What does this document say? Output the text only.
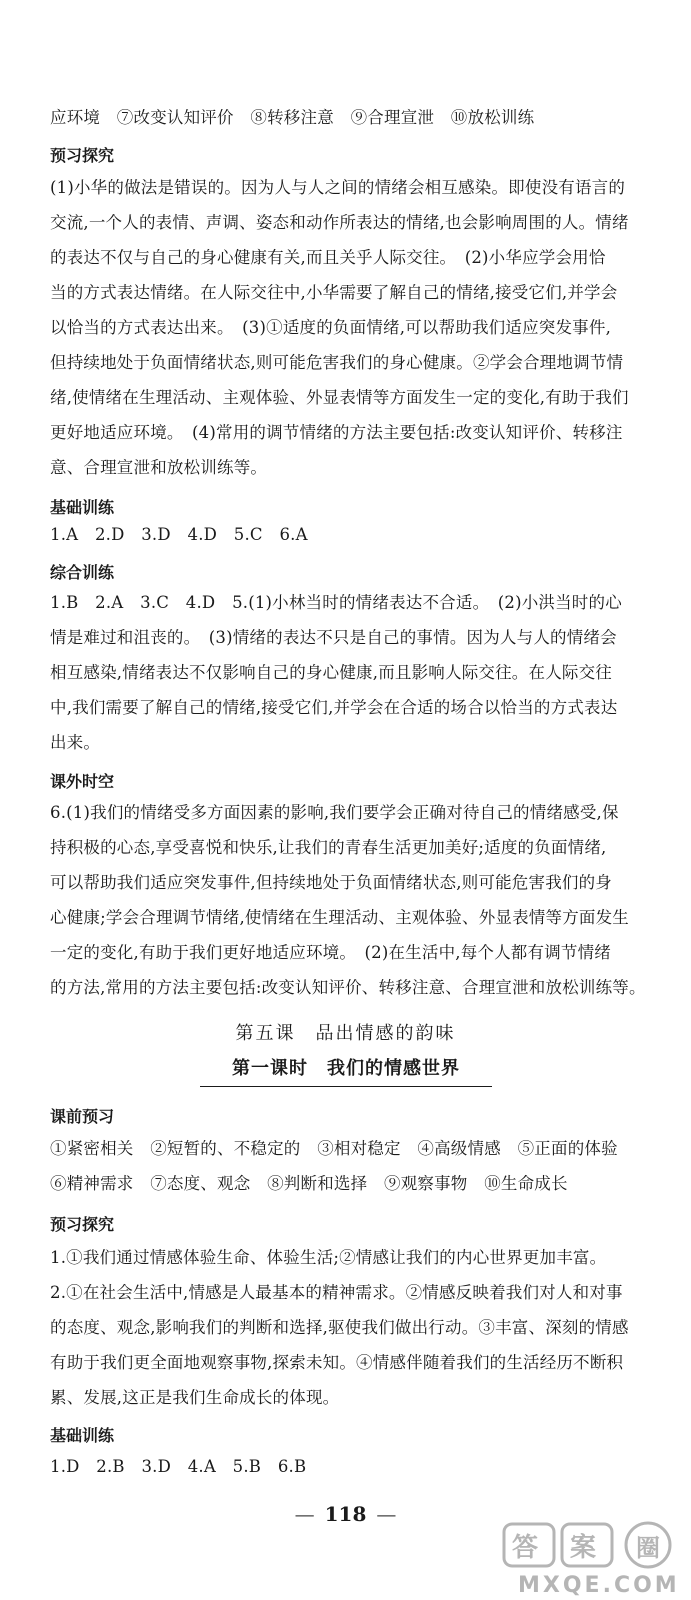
应环境　⑦改变认知评价　⑧转移注意　⑨合理宣泄　⑩放松训练
预习探究
(1)小华的做法是错误的。因为人与人之间的情绪会相互感染。即使没有语言的
交流,一个人的表情、声调、姿态和动作所表达的情绪,也会影响周围的人。情绪
的表达不仅与自己的身心健康有关,而且关乎人际交往。　(2)小华应学会用恰
当的方式表达情绪。在人际交往中,小华需要了解自己的情绪,接受它们,并学会
以恰当的方式表达出来。　(3)①适度的负面情绪,可以帮助我们适应突发事件,
但持续地处于负面情绪状态,则可能危害我们的身心健康。②学会合理地调节情
绪,使情绪在生理活动、主观体验、外显表情等方面发生一定的变化,有助于我们
更好地适应环境。　(4)常用的调节情绪的方法主要包括:改变认知评价、转移注
意、合理宣泄和放松训练等。
基础训练
1.A　2.D　3.D　4.D　5.C　6.A
综合训练
1.B　2.A　3.C　4.D　5.(1)小林当时的情绪表达不合适。　(2)小洪当时的心
情是难过和沮丧的。　(3)情绪的表达不只是自己的事情。因为人与人的情绪会
相互感染,情绪表达不仅影响自己的身心健康,而且影响人际交往。在人际交往
中,我们需要了解自己的情绪,接受它们,并学会在合适的场合以恰当的方式表达
出来。
课外时空
6.(1)我们的情绪受多方面因素的影响,我们要学会正确对待自己的情绪感受,保
持积极的心态,享受喜悦和快乐,让我们的青春生活更加美好;适度的负面情绪,
可以帮助我们适应突发事件,但持续地处于负面情绪状态,则可能危害我们的身
心健康;学会合理调节情绪,使情绪在生理活动、主观体验、外显表情等方面发生
一定的变化,有助于我们更好地适应环境。　(2)在生活中,每个人都有调节情绪
的方法,常用的方法主要包括:改变认知评价、转移注意、合理宣泄和放松训练等。
第五课　品出情感的韵味
第一课时　我们的情感世界
课前预习
①紧密相关　②短暂的、不稳定的　③相对稳定　④高级情感　⑤正面的体验
⑥精神需求　⑦态度、观念　⑧判断和选择　⑨观察事物　⑩生命成长
预习探究
1.①我们通过情感体验生命、体验生活;②情感让我们的内心世界更加丰富。
2.①在社会生活中,情感是人最基本的精神需求。②情感反映着我们对人和对事
的态度、观念,影响我们的判断和选择,驱使我们做出行动。③丰富、深刻的情感
有助于我们更全面地观察事物,探索未知。④情感伴随着我们的生活经历不断积
累、发展,这正是我们生命成长的体现。
基础训练
1.D　2.B　3.D　4.A　5.B　6.B
— 118 —
答 案 圈
MXQE.COM
